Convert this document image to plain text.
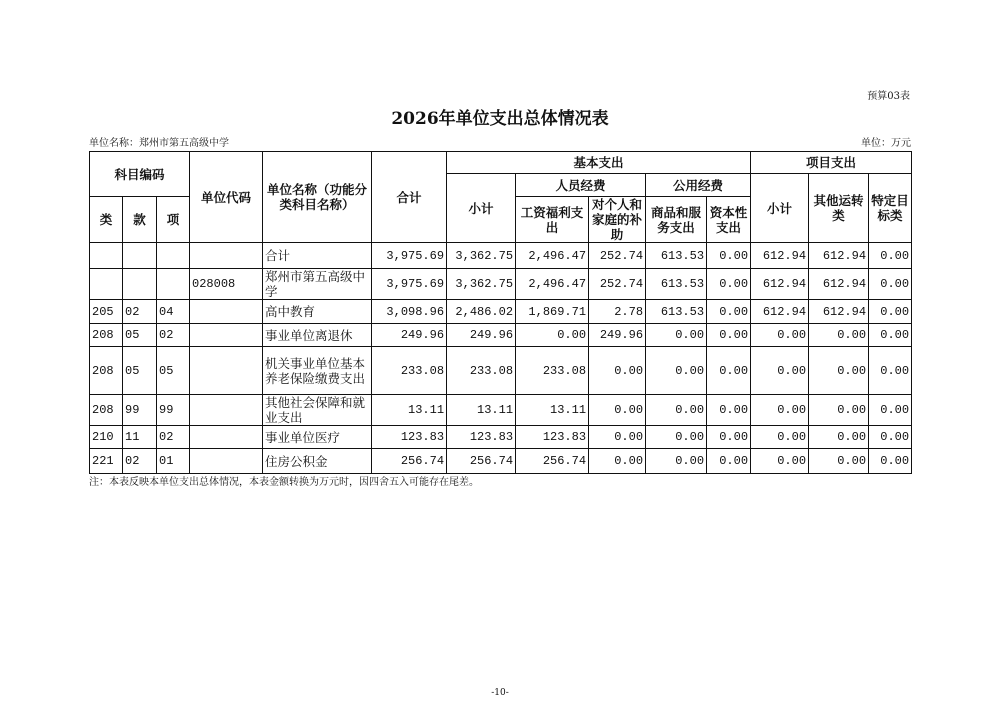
预算03表
2026年单位支出总体情况表
单位名称：郑州市第五高级中学	单位：万元
科目编码			单位代码	单位名称（功能分类科目名称）	合计	基本支出					项目支出		
						小计	人员经费		公用经费		小计	其他运转类	特定目标类
类	款	项					工资福利支出	对个人和家庭的补助	商品和服务支出	资本性支出			
				合计	3,975.69	3,362.75	2,496.47	252.74	613.53	0.00	612.94	612.94	0.00
			028008	郑州市第五高级中学	3,975.69	3,362.75	2,496.47	252.74	613.53	0.00	612.94	612.94	0.00
205	02	04		高中教育	3,098.96	2,486.02	1,869.71	2.78	613.53	0.00	612.94	612.94	0.00
208	05	02		事业单位离退休	249.96	249.96	0.00	249.96	0.00	0.00	0.00	0.00	0.00
208	05	05		机关事业单位基本养老保险缴费支出	233.08	233.08	233.08	0.00	0.00	0.00	0.00	0.00	0.00
208	99	99		其他社会保障和就业支出	13.11	13.11	13.11	0.00	0.00	0.00	0.00	0.00	0.00
210	11	02		事业单位医疗	123.83	123.83	123.83	0.00	0.00	0.00	0.00	0.00	0.00
221	02	01		住房公积金	256.74	256.74	256.74	0.00	0.00	0.00	0.00	0.00	0.00
注：本表反映本单位支出总体情况，本表金额转换为万元时，因四舍五入可能存在尾差。
-10-
